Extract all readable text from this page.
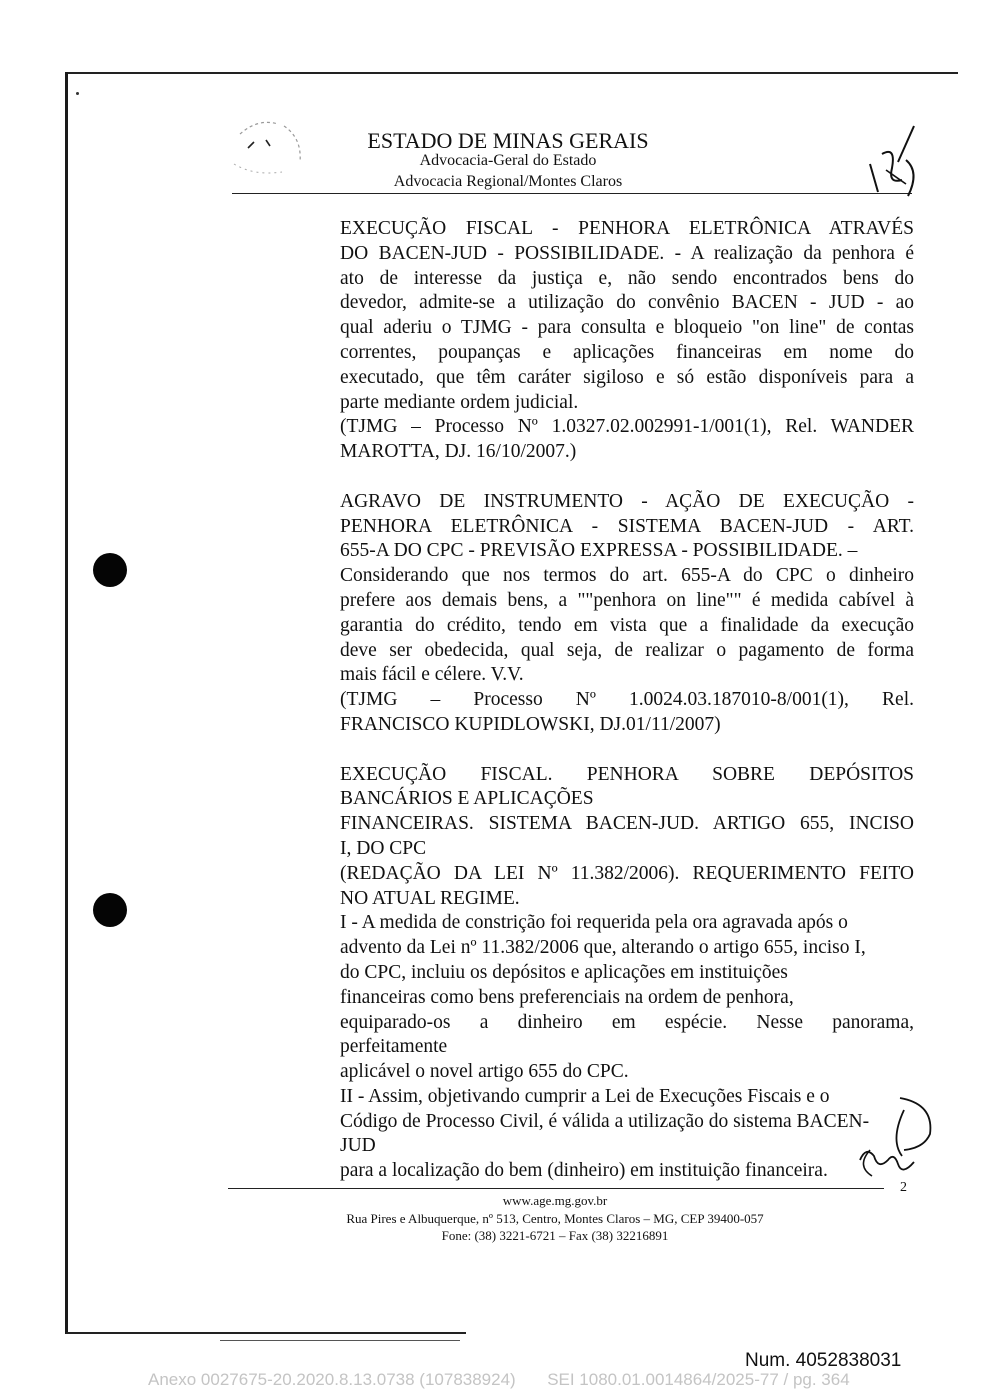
ESTADO DE MINAS GERAIS
Advocacia-Geral do Estado
Advocacia Regional/Montes Claros
EXECUÇÃO FISCAL - PENHORA ELETRÔNICA ATRAVÉS
DO BACEN-JUD - POSSIBILIDADE. - A realização da penhora é
ato de interesse da justiça e, não sendo encontrados bens do
devedor, admite-se a utilização do convênio BACEN - JUD - ao
qual aderiu o TJMG - para consulta e bloqueio "on line" de contas
correntes, poupanças e aplicações financeiras em nome do
executado, que têm caráter sigiloso e só estão disponíveis para a
parte mediante ordem judicial.
(TJMG – Processo Nº 1.0327.02.002991-1/001(1), Rel. WANDER
MAROTTA, DJ. 16/10/2007.)
AGRAVO DE INSTRUMENTO - AÇÃO DE EXECUÇÃO -
PENHORA ELETRÔNICA - SISTEMA BACEN-JUD - ART.
655-A DO CPC - PREVISÃO EXPRESSA - POSSIBILIDADE. –
Considerando que nos termos do art. 655-A do CPC o dinheiro
prefere aos demais bens, a ""penhora on line"" é medida cabível à
garantia do crédito, tendo em vista que a finalidade da execução
deve ser obedecida, qual seja, de realizar o pagamento de forma
mais fácil e célere. V.V.
(TJMG – Processo Nº 1.0024.03.187010-8/001(1), Rel.
FRANCISCO KUPIDLOWSKI, DJ.01/11/2007)
EXECUÇÃO FISCAL. PENHORA SOBRE DEPÓSITOS
BANCÁRIOS E APLICAÇÕES
FINANCEIRAS. SISTEMA BACEN-JUD. ARTIGO 655, INCISO
I, DO CPC
(REDAÇÃO DA LEI Nº 11.382/2006). REQUERIMENTO FEITO
NO ATUAL REGIME.
I - A medida de constrição foi requerida pela ora agravada após o
advento da Lei nº 11.382/2006 que, alterando o artigo 655, inciso I,
do CPC, incluiu os depósitos e aplicações em instituições
financeiras como bens preferenciais na ordem de penhora,
equiparado-os a dinheiro em espécie. Nesse panorama,
perfeitamente
aplicável o novel artigo 655 do CPC.
II - Assim, objetivando cumprir a Lei de Execuções Fiscais e o
Código de Processo Civil, é válida a utilização do sistema BACEN-
JUD
para a localização do bem (dinheiro) em instituição financeira.
2
www.age.mg.gov.br
Rua Pires e Albuquerque, nº 513, Centro, Montes Claros – MG, CEP 39400-057
Fone: (38) 3221-6721 – Fax (38) 32216891
Num. 4052838031
Anexo 0027675-20.2020.8.13.0738 (107838924) SEI 1080.01.0014864/2025-77 / pg. 364
